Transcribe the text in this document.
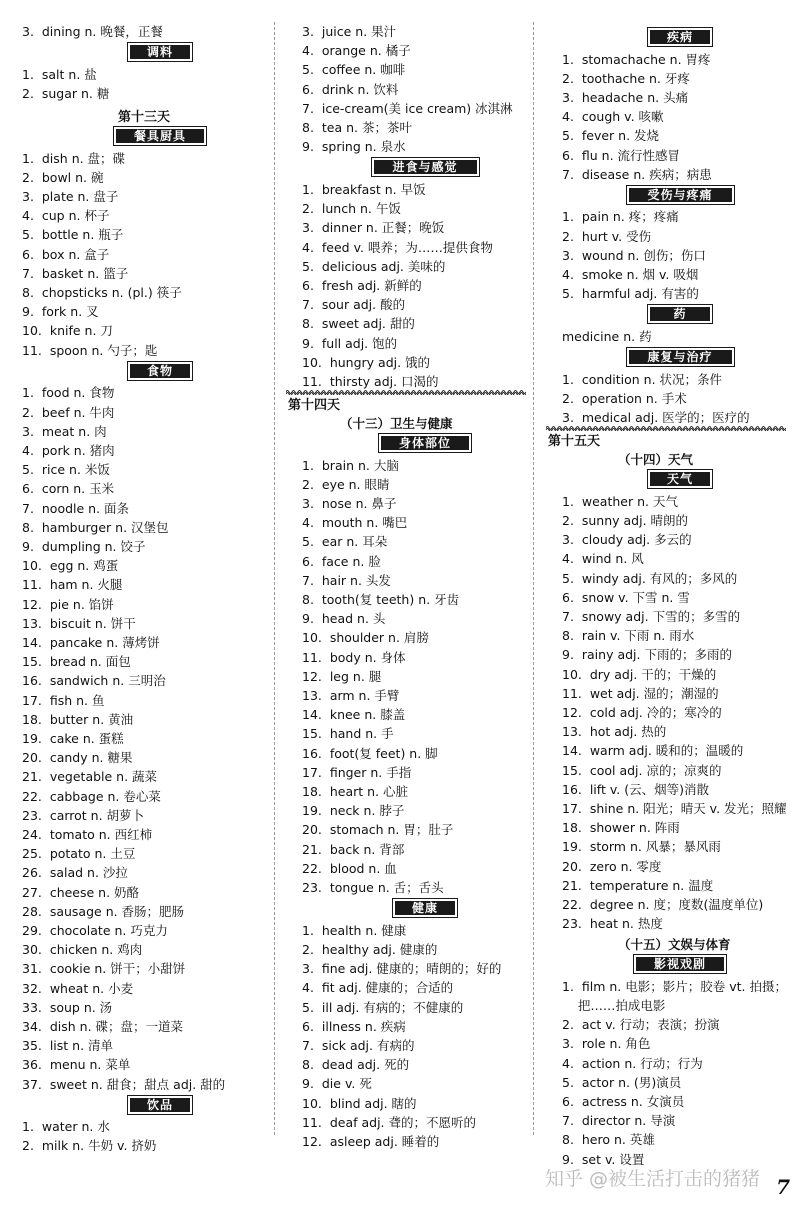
3.  dining n. 晚餐，正餐
调料
1.  salt n. 盐
2.  sugar n. 糖
第十三天
餐具厨具
1.  dish n. 盘；碟
2.  bowl n. 碗
3.  plate n. 盘子
4.  cup n. 杯子
5.  bottle n. 瓶子
6.  box n. 盒子
7.  basket n. 篮子
8.  chopsticks n. (pl.) 筷子
9.  fork n. 叉
10.  knife n. 刀
11.  spoon n. 勺子；匙
食物
1.  food n. 食物
2.  beef n. 牛肉
3.  meat n. 肉
4.  pork n. 猪肉
5.  rice n. 米饭
6.  corn n. 玉米
7.  noodle n. 面条
8.  hamburger n. 汉堡包
9.  dumpling n. 饺子
10.  egg n. 鸡蛋
11.  ham n. 火腿
12.  pie n. 馅饼
13.  biscuit n. 饼干
14.  pancake n. 薄烤饼
15.  bread n. 面包
16.  sandwich n. 三明治
17.  fish n. 鱼
18.  butter n. 黄油
19.  cake n. 蛋糕
20.  candy n. 糖果
21.  vegetable n. 蔬菜
22.  cabbage n. 卷心菜
23.  carrot n. 胡萝卜
24.  tomato n. 西红柿
25.  potato n. 土豆
26.  salad n. 沙拉
27.  cheese n. 奶酪
28.  sausage n. 香肠；肥肠
29.  chocolate n. 巧克力
30.  chicken n. 鸡肉
31.  cookie n. 饼干；小甜饼
32.  wheat n. 小麦
33.  soup n. 汤
34.  dish n. 碟；盘；一道菜
35.  list n. 清单
36.  menu n. 菜单
37.  sweet n. 甜食；甜点 adj. 甜的
饮品
1.  water n. 水
2.  milk n. 牛奶 v. 挤奶
3.  juice n. 果汁
4.  orange n. 橘子
5.  coffee n. 咖啡
6.  drink n. 饮料
7.  ice-cream(美 ice cream) 冰淇淋
8.  tea n. 茶；茶叶
9.  spring n. 泉水
进食与感觉
1.  breakfast n. 早饭
2.  lunch n. 午饭
3.  dinner n. 正餐；晚饭
4.  feed v. 喂养；为……提供食物
5.  delicious adj. 美味的
6.  fresh adj. 新鲜的
7.  sour adj. 酸的
8.  sweet adj. 甜的
9.  full adj. 饱的
10.  hungry adj. 饿的
11.  thirsty adj. 口渴的
第十四天
（十三）卫生与健康
身体部位
1.  brain n. 大脑
2.  eye n. 眼睛
3.  nose n. 鼻子
4.  mouth n. 嘴巴
5.  ear n. 耳朵
6.  face n. 脸
7.  hair n. 头发
8.  tooth(复 teeth) n. 牙齿
9.  head n. 头
10.  shoulder n. 肩膀
11.  body n. 身体
12.  leg n. 腿
13.  arm n. 手臂
14.  knee n. 膝盖
15.  hand n. 手
16.  foot(复 feet) n. 脚
17.  finger n. 手指
18.  heart n. 心脏
19.  neck n. 脖子
20.  stomach n. 胃；肚子
21.  back n. 背部
22.  blood n. 血
23.  tongue n. 舌；舌头
健康
1.  health n. 健康
2.  healthy adj. 健康的
3.  fine adj. 健康的；晴朗的；好的
4.  fit adj. 健康的；合适的
5.  ill adj. 有病的；不健康的
6.  illness n. 疾病
7.  sick adj. 有病的
8.  dead adj. 死的
9.  die v. 死
10.  blind adj. 瞎的
11.  deaf adj. 聋的；不愿听的
12.  asleep adj. 睡着的
疾病
1.  stomachache n. 胃疼
2.  toothache n. 牙疼
3.  headache n. 头痛
4.  cough v. 咳嗽
5.  fever n. 发烧
6.  flu n. 流行性感冒
7.  disease n. 疾病；病患
受伤与疼痛
1.  pain n. 疼；疼痛
2.  hurt v. 受伤
3.  wound n. 创伤；伤口
4.  smoke n. 烟 v. 吸烟
5.  harmful adj. 有害的
药
medicine n. 药
康复与治疗
1.  condition n. 状况；条件
2.  operation n. 手术
3.  medical adj. 医学的；医疗的
第十五天
（十四）天气
天气
1.  weather n. 天气
2.  sunny adj. 晴朗的
3.  cloudy adj. 多云的
4.  wind n. 风
5.  windy adj. 有风的；多风的
6.  snow v. 下雪 n. 雪
7.  snowy adj. 下雪的；多雪的
8.  rain v. 下雨 n. 雨水
9.  rainy adj. 下雨的；多雨的
10.  dry adj. 干的；干燥的
11.  wet adj. 湿的；潮湿的
12.  cold adj. 冷的；寒冷的
13.  hot adj. 热的
14.  warm adj. 暖和的；温暖的
15.  cool adj. 凉的；凉爽的
16.  lift v. (云、烟等)消散
17.  shine n. 阳光；晴天 v. 发光；照耀
18.  shower n. 阵雨
19.  storm n. 风暴；暴风雨
20.  zero n. 零度
21.  temperature n. 温度
22.  degree n. 度；度数(温度单位)
23.  heat n. 热度
（十五）文娱与体育
影视戏剧
1.  film n. 电影；影片；胶卷 vt. 拍摄；
把……拍成电影
2.  act v. 行动；表演；扮演
3.  role n. 角色
4.  action n. 行动；行为
5.  actor n. (男)演员
6.  actress n. 女演员
7.  director n. 导演
8.  hero n. 英雄
9.  set v. 设置
知乎 @被生活打击的猪猪 7
